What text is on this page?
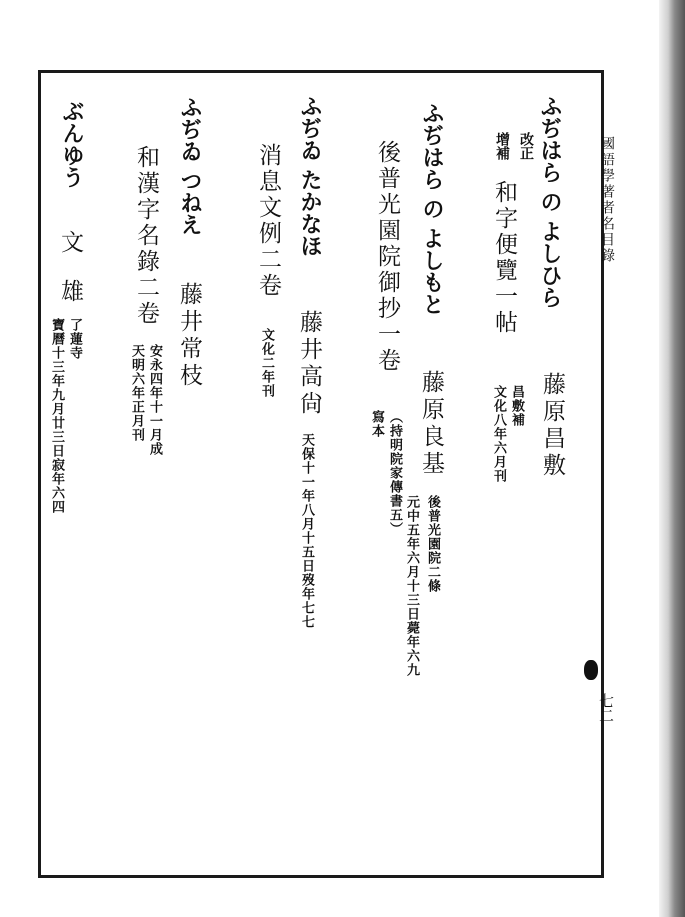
國語學著者名目錄
七二
ふぢはら の よしひら
改正
增補
和字便覽一帖
藤原昌敷
昌敷補
文化八年六月刊
ふぢはら の よしもと
後普光園院御抄一卷
（持明院家傳書五）
寫本 藤原良基
後普光園院二條
元中五年六月十三日薨年六九
ふぢゐ たかなほ
消息文例二卷
文化二年刊 藤井高尙
天保十一年八月十五日歿年七七
ふぢゐ つねえ
和漢字名錄二卷
安永四年十一月成
天明六年正月刊
藤井常枝
ぶんゆう
文雄
了蓮寺
寶曆十三年九月廿三日寂年六四
